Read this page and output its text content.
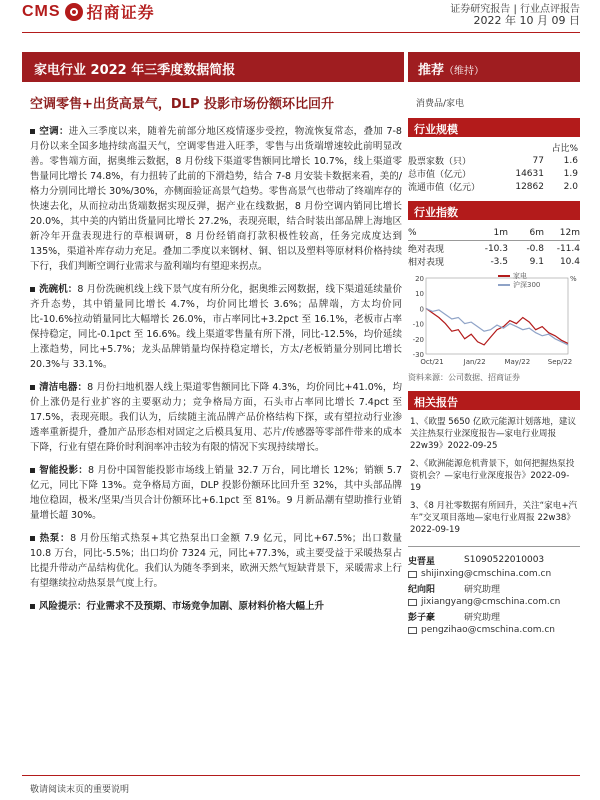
CMS 招商证券	证券研究报告 | 行业点评报告
2022 年 10 月 09 日
家电行业 2022 年三季度数据简报	推荐（维持）
空调零售+出货高景气，DLP 投影市场份额环比回升	消费品/家电

空调：进入三季度以来，随着先前部分地区疫情逐步受控，物流恢复常态，叠加 7-8 月份以来全国多地持续高温天气，空调零售进入旺季，零售与出货端增速较此前明显改善。零售端方面，据奥维云数据，8 月份线下渠道零售额同比增长 10.7%，线上渠道零售量同比增长 74.8%，有力扭转了此前的下滑趋势，结合 7-8 月安装卡数据来看，美的/格力分别同比增长 30%/30%，亦侧面验证高景气趋势。零售高景气也带动了终端库存的快速去化，从而拉动出货端数据实现反弹，据产业在线数据，8 月份空调内销同比增长 20.0%，其中美的内销出货量同比增长 27.2%，表现亮眼，结合时装出部品牌上海地区新冷年开盘表现进行的草根调研，8 月份经销商打款积极性较高，任务完成度达到 135%，渠道补库存动力充足。叠加二季度以来钢材、铜、铝以及塑料等原材料价格持续下行，我们判断空调行业需求与盈利端均有望迎来拐点。

洗碗机：8 月份洗碗机线上线下景气度有所分化，据奥维云网数据，线下渠道延续量价齐升态势，其中销量同比增长 4.7%，均价同比增长 3.6%；品牌端，方太均价同比-10.6%拉动销量同比大幅增长 26.0%，市占率同比+3.2pct 至 16.1%，老板市占率保持稳定，同比-0.1pct 至 16.6%。线上渠道零售量有所下滑，同比-12.5%，均价延续上涨趋势，同比+5.7%；龙头品牌销量均保持稳定增长，方太/老板销量分别同比增长 20.3%与 33.1%。

清洁电器：8 月份扫地机器人线上渠道零售额同比下降 4.3%，均价同比+41.0%，均价上涨仍是行业扩容的主要驱动力；竞争格局方面，石头市占率同比增长 7.4pct 至 17.5%，表现亮眼。我们认为，后续随主流品牌产品价格结构下探，或有望拉动行业渗透率重新提升，叠加产品形态相对固定之后模具复用、芯片/传感器等零部件带来的成本下降，行业有望在降价时利润率冲击较为有限的情况下实现持续增长。

智能投影：8 月份中国智能投影市场线上销量 32.7 万台，同比增长 12%；销额 5.7 亿元，同比下降 13%。竞争格局方面，DLP 投影份额环比回升至 32%，其中头部品牌地位稳固，极米/坚果/当贝合计份额环比+6.1pct 至 81%。9 月新品潮有望助推行业销量增长超 30%。

热泵：8 月份压缩式热泵+其它热泵出口金额 7.9 亿元，同比+67.5%；出口数量 10.8 万台，同比-5.5%；出口均价 7324 元，同比+77.3%，或主要受益于采暖热泵占比提升带动产品结构优化。我们认为随冬季到来，欧洲天然气短缺背景下，采暖需求上行有望继续拉动热泵景气度上行。

风险提示：行业需求不及预期、市场竞争加剧、原材料价格大幅上升

行业规模
占比%
股票家数（只）	77	1.6
总市值（亿元）	14631	1.9
流通市值（亿元）	12862	2.0
行业指数
%	1m	6m	12m
绝对表现	-10.3	-0.8	-11.4
相对表现	-3.5	9.1	10.4
20
10
0
-10
-20
-30
%
Oct/21	Jan/22	May/22	Sep/22
家电
沪深300
资料来源：公司数据、招商证券
相关报告
1、《欧盟 5650 亿欧元能源计划落地，建议关注热泵行业深度报告—家电行业周报 22w39》2022-09-25
2、《欧洲能源危机背景下，如何把握热泵投资机会？—家电行业深度报告》2022-09-19
3、《8 月社零数据有所回升，关注“家电+汽车”交叉项目落地—家电行业周报 22w38》2022-09-19
史晋星	S1090522010003
shijinxing@cmschina.com.cn
纪向阳	研究助理
jixiangyang@cmschina.com.cn
彭子豪	研究助理
pengzihao@cmschina.com.cn
敬请阅读末页的重要说明
